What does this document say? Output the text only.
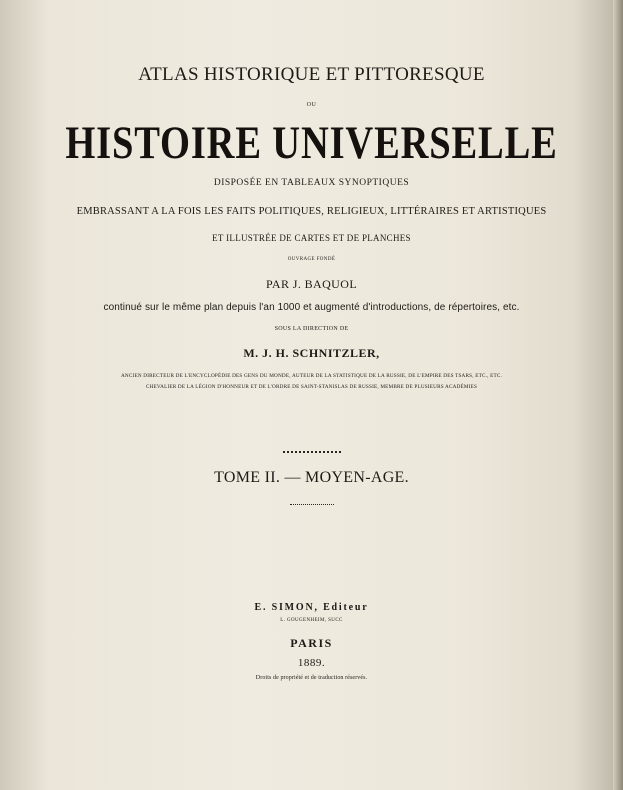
ATLAS HISTORIQUE ET PITTORESQUE
OU
HISTOIRE UNIVERSELLE
DISPOSÉE EN TABLEAUX SYNOPTIQUES
EMBRASSANT A LA FOIS LES FAITS POLITIQUES, RELIGIEUX, LITTÉRAIRES ET ARTISTIQUES
ET ILLUSTRÉE DE CARTES ET DE PLANCHES
OUVRAGE FONDÉ
PAR J. BAQUOL
continué sur le même plan depuis l'an 1000 et augmenté d'introductions, de répertoires, etc.
SOUS LA DIRECTION DE
M. J. H. SCHNITZLER,
ANCIEN DIRECTEUR DE L'ENCYCLOPÉDIE DES GENS DU MONDE, AUTEUR DE LA STATISTIQUE DE LA RUSSIE, DE L'EMPIRE DES TSARS, ETC., ETC.
CHEVALIER DE LA LÉGION D'HONNEUR ET DE L'ORDRE DE SAINT-STANISLAS DE RUSSIE, MEMBRE DE PLUSIEURS ACADÉMIES
TOME II. — MOYEN-AGE.
E. SIMON, Editeur
L. GOUGENHEIM, SUCC
PARIS
1889.
Droits de propriété et de traduction réservés.
